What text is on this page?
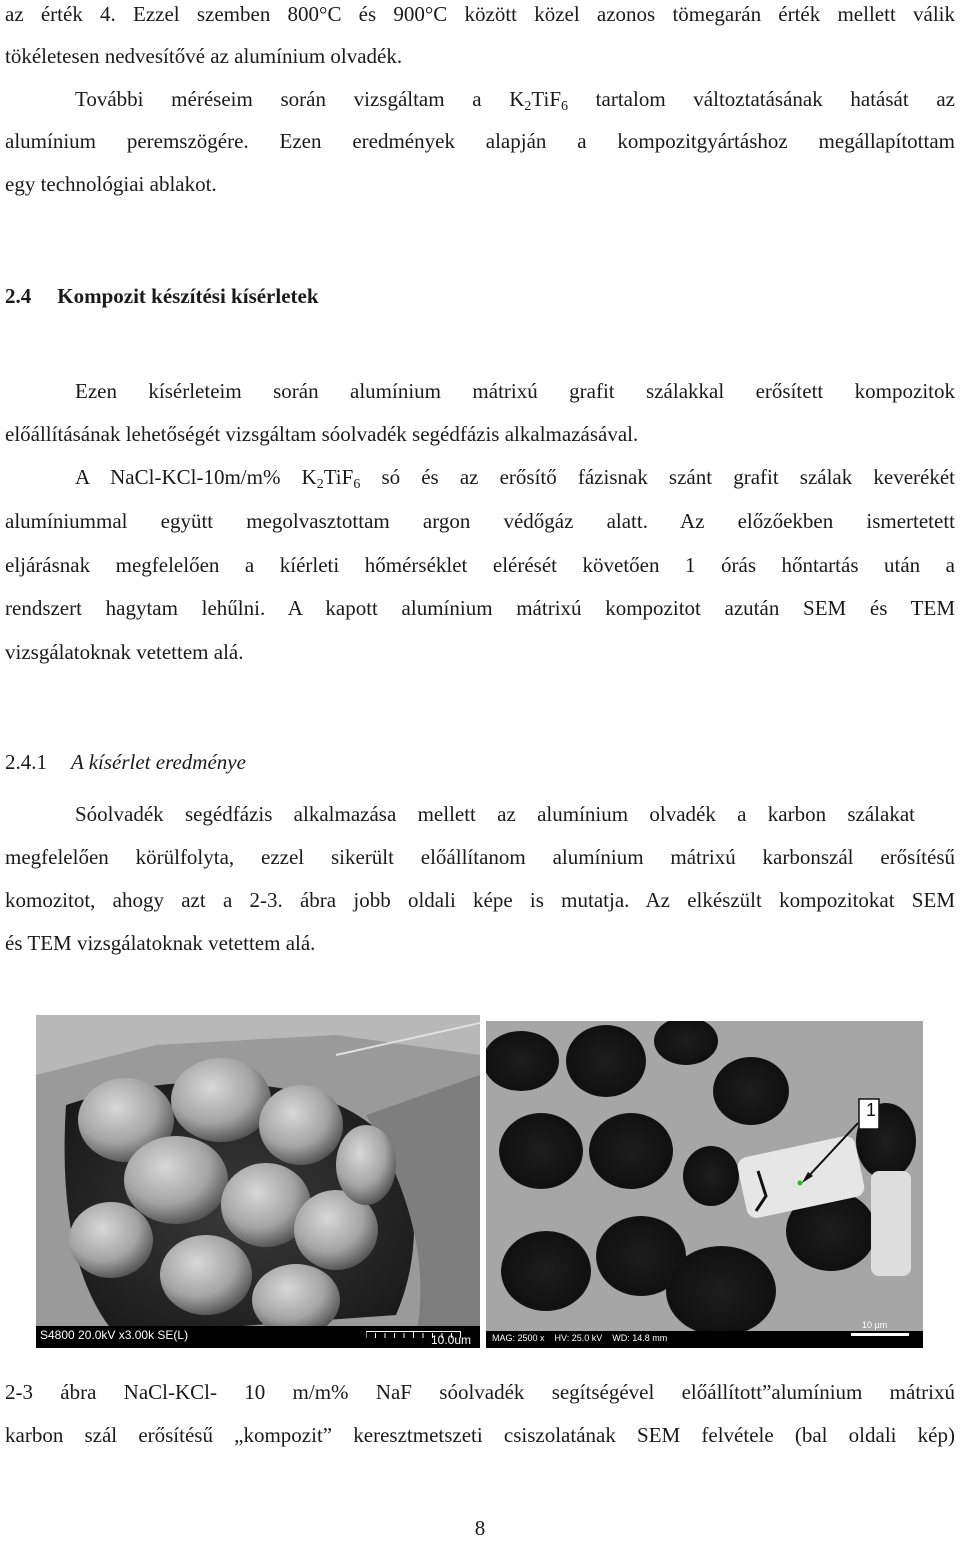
az érték 4. Ezzel szemben 800°C és 900°C között közel azonos tömegarán érték mellett válik
tökéletesen nedvesítővé az alumínium olvadék.
További méréseim során vizsgáltam a $K_2TiF_6$ tartalom változtatásának hatását az
alumínium peremszögére. Ezen eredmények alapján a kompozitgyártáshoz megállapítottam
egy technológiai ablakot.
2.4 Kompozit készítési kísérletek
Ezen kísérleteim során alumínium mátrixú grafit szálakkal erősített kompozitok
előállításának lehetőségét vizsgáltam sóolvadék segédfázis alkalmazásával.
A NaCl-KCl-10m/m% $K_2TiF_6$ só és az erősítő fázisnak szánt grafit szálak keverékét
alumíniummal együtt megolvasztottam argon védőgáz alatt. Az előzőekben ismertetett
eljárásnak megfelelően a kíérleti hőmérséklet elérését követően 1 órás hőntartás után a
rendszert hagytam lehűlni. A kapott alumínium mátrixú kompozitot azután SEM és TEM
vizsgálatoknak vetettem alá.
2.4.1 A kísérlet eredménye
Sóolvadék segédfázis alkalmazása mellett az alumínium olvadék a karbon szálakat
megfelelően körülfolyta, ezzel sikerült előállítanom alumínium mátrixú karbonszál erősítésű
komozitot, ahogy azt a 2-3. ábra jobb oldali képe is mutatja. Az elkészült kompozitokat SEM
és TEM vizsgálatoknak vetettem alá.
S4800 20.0kV x3.00k SE(L)	10.0um
1
MAG: 2500 x    HV: 25.0 kV    WD: 14.8 mm
10 µm
2-3 ábra NaCl-KCl- 10 m/m% NaF sóolvadék segítségével előállított”alumínium mátrixú
karbon szál erősítésű „kompozit” keresztmetszeti csiszolatának SEM felvétele (bal oldali kép)
8
